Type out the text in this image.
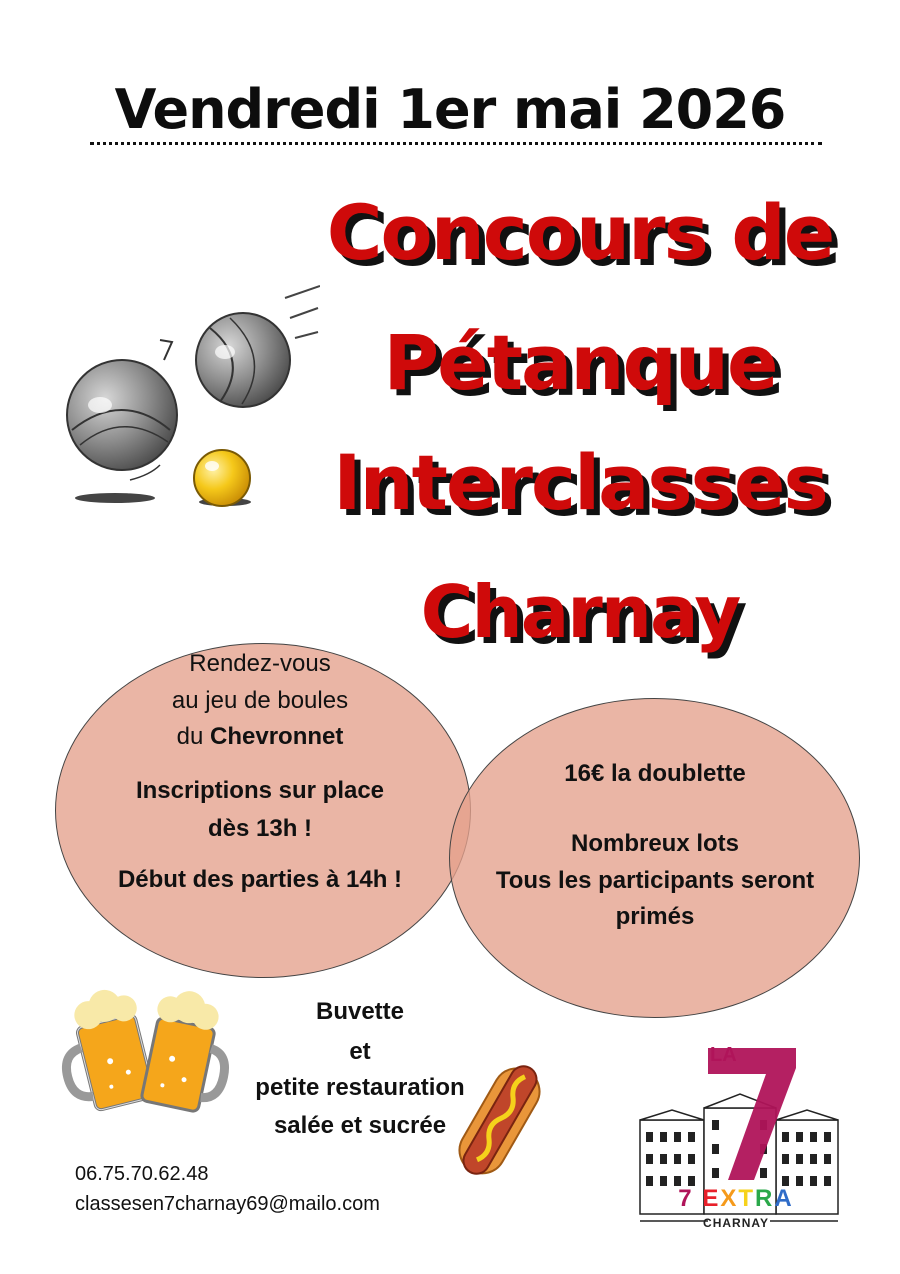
Vendredi 1er mai 2026
Concours de
Pétanque
Interclasses
Charnay
Rendez-vous
au jeu de boules
du Chevronnet
Inscriptions sur place
dès 13h !
Début des parties à 14h !
16€ la doublette
Nombreux lots
Tous les participants seront
primés
Buvette
et
petite restauration
salée et sucrée
06.75.70.62.48
classesen7charnay69@mailo.com
LA
7 EXTRA
CHARNAY
